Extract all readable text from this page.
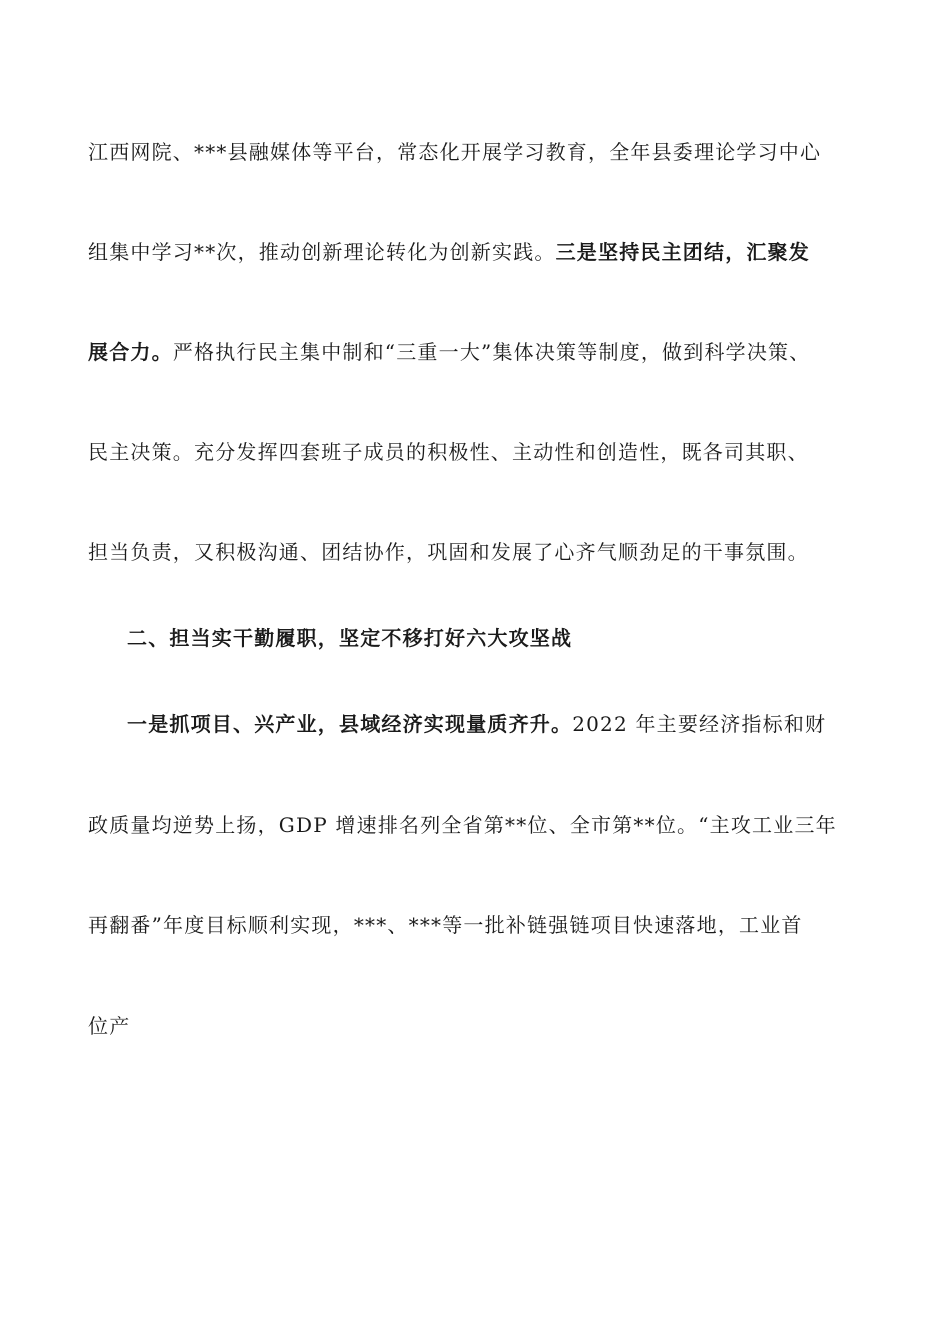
江西网院、***县融媒体等平台，常态化开展学习教育，全年县委理论学习中心
组集中学习**次，推动创新理论转化为创新实践。三是坚持民主团结，汇聚发
展合力。严格执行民主集中制和“三重一大”集体决策等制度，做到科学决策、
民主决策。充分发挥四套班子成员的积极性、主动性和创造性，既各司其职、
担当负责，又积极沟通、团结协作，巩固和发展了心齐气顺劲足的干事氛围。
二、担当实干勤履职，坚定不移打好六大攻坚战
一是抓项目、兴产业，县域经济实现量质齐升。2022 年主要经济指标和财
政质量均逆势上扬，GDP 增速排名列全省第**位、全市第**位。“主攻工业三年
再翻番”年度目标顺利实现，***、***等一批补链强链项目快速落地，工业首
位产
